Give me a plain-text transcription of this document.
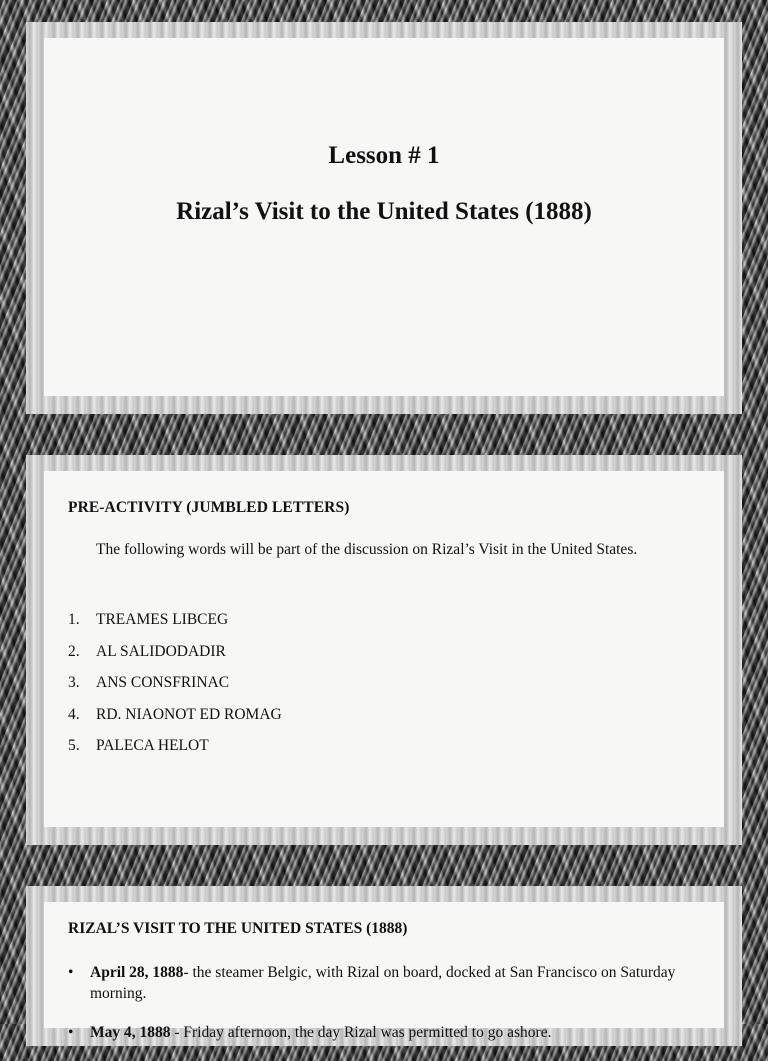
Lesson # 1
Rizal’s Visit to the United States (1888)
PRE-ACTIVITY (JUMBLED LETTERS)
The following words will be part of the discussion on Rizal’s Visit in the United States.
1.	TREAMES LIBCEG
2.	AL SALIDODADIR
3.	ANS CONSFRINAC
4.	RD. NIAONOT ED ROMAG
5.	PALECA HELOT
RIZAL’S VISIT TO THE UNITED STATES (1888)
•	April 28, 1888- the steamer Belgic, with Rizal on board, docked at San Francisco on Saturday morning.
•	May 4, 1888 - Friday afternoon, the day Rizal was permitted to go ashore.
